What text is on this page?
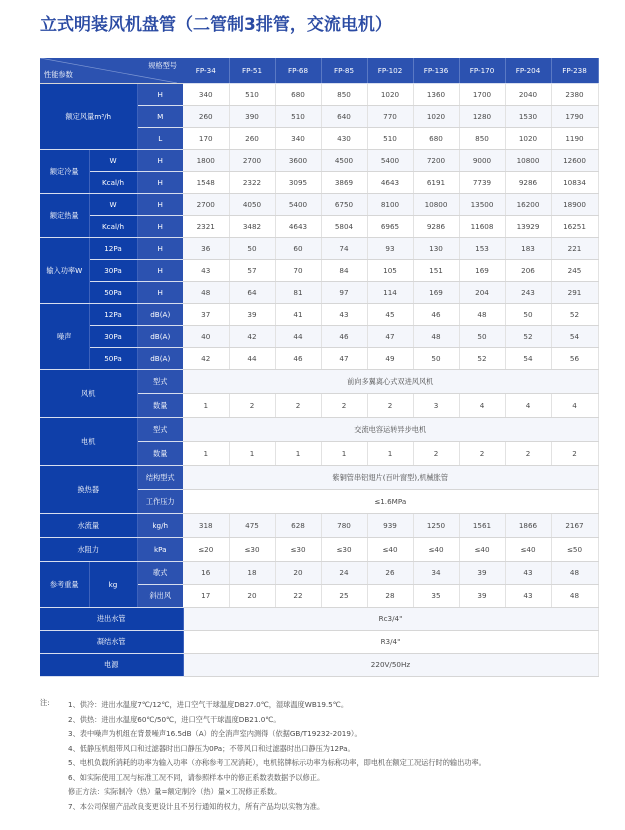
立式明装风机盘管（二管制3排管，交流电机）
规格型号
性能参数			FP-34	FP-51	FP-68	FP-85	FP-102	FP-136	FP-170	FP-204	FP-238
额定风量m³/h		H	340	510	680	850	1020	1360	1700	2040	2380
		M	260	390	510	640	770	1020	1280	1530	1790
		L	170	260	340	430	510	680	850	1020	1190
额定冷量	W	H	1800	2700	3600	4500	5400	7200	9000	10800	12600
	Kcal/h	H	1548	2322	3095	3869	4643	6191	7739	9286	10834
额定热量	W	H	2700	4050	5400	6750	8100	10800	13500	16200	18900
	Kcal/h	H	2321	3482	4643	5804	6965	9286	11608	13929	16251
输入功率W	12Pa	H	36	50	60	74	93	130	153	183	221
	30Pa	H	43	57	70	84	105	151	169	206	245
	50Pa	H	48	64	81	97	114	169	204	243	291
噪声	12Pa	dB(A)	37	39	41	43	45	46	48	50	52
	30Pa	dB(A)	40	42	44	46	47	48	50	52	54
	50Pa	dB(A)	42	44	46	47	49	50	52	54	56
风机		型式	前向多翼离心式双进风风机								
		数量	1	2	2	2	2	3	4	4	4
电机		型式	交流电容运转异步电机								
		数量	1	1	1	1	1	2	2	2	2
换热器		结构型式	紫铜管串铝翅片(百叶窗型),机械胀管								
		工作压力	≤1.6MPa								
水流量		kg/h	318	475	628	780	939	1250	1561	1866	2167
水阻力		kPa	≤20	≤30	≤30	≤30	≤40	≤40	≤40	≤40	≤50
参考重量	kg	歌式	16	18	20	24	26	34	39	43	48
		斜出风	17	20	22	25	28	35	39	43	48
进出水管			Rc3/4"								
凝结水管			R3/4"								
电源			220V/50Hz								
注:	1、供冷：进出水温度7℃/12℃，进口空气干球温度DB27.0℃，湿球温度WB19.5℃。
2、供热：进出水温度60℃/50℃，进口空气干球温度DB21.0℃。
3、表中噪声为机组在背景噪声16.5dB（A）的全消声室内测得（依据GB/T19232-2019）。
4、低静压机组带风口和过滤器时出口静压为0Pa；不带风口和过滤器时出口静压为12Pa。
5、电机负载所消耗的功率为输入功率（亦称参考工况消耗），电机铭牌标示功率为标称功率，即电机在额定工况运行时的输出功率。
6、如实际使用工况与标准工况不同，请参照样本中的修正系数表数据予以修正。
修正方法：实际制冷（热）量=额定制冷（热）量×工况修正系数。
7、本公司保留产品改良变更设计且不另行通知的权力，所有产品均以实物为准。
